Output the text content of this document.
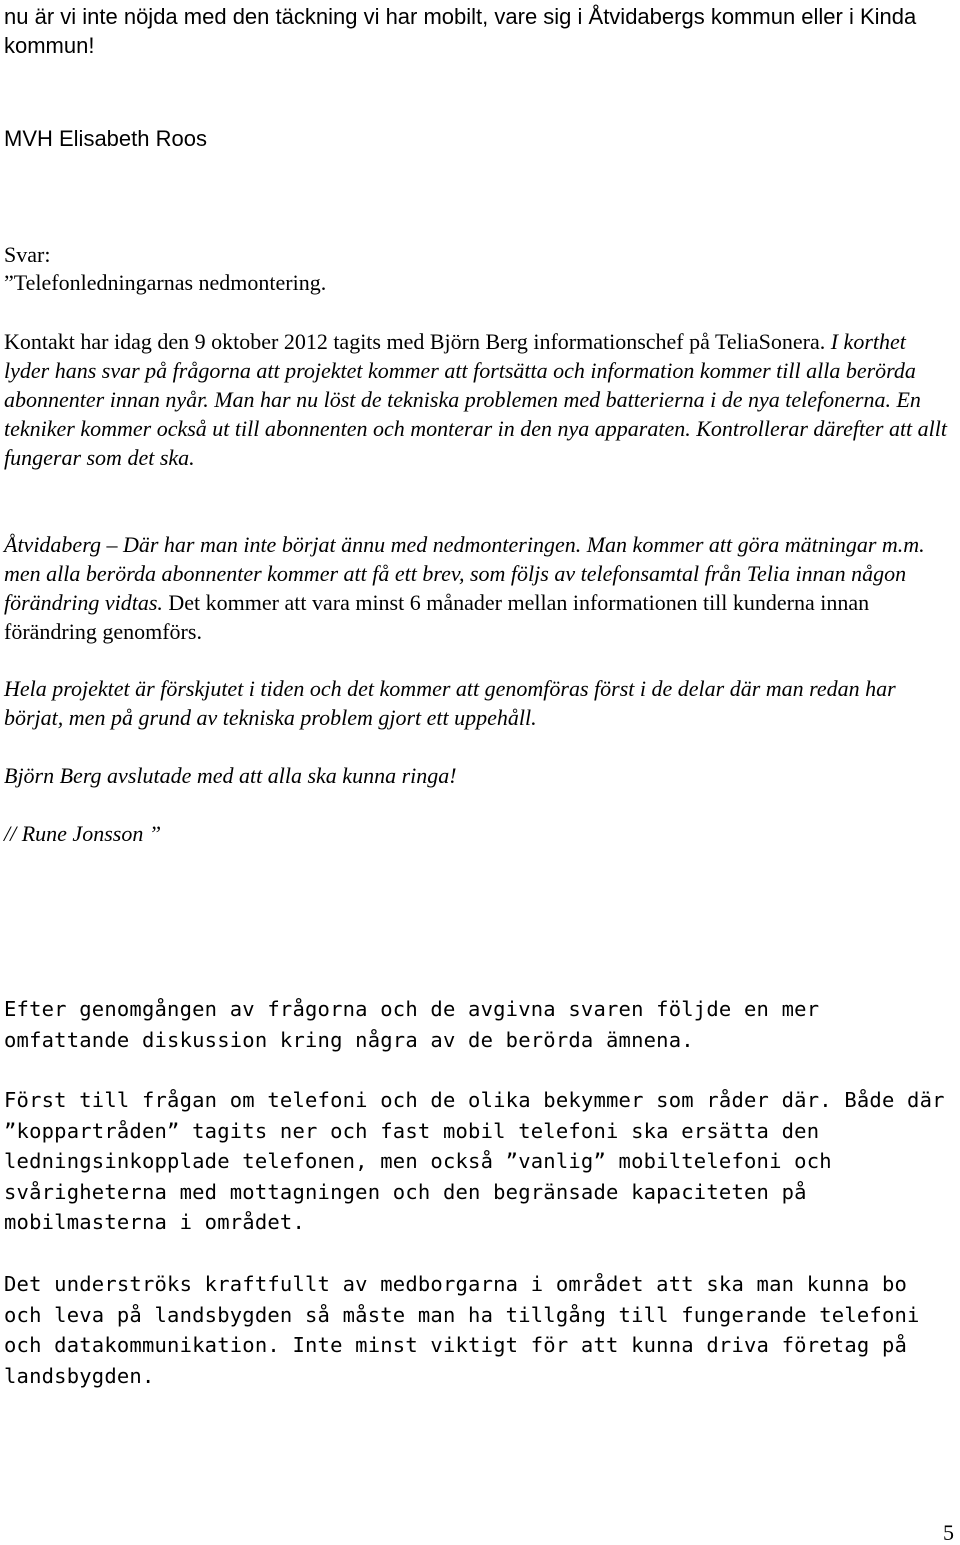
nu är vi inte nöjda med den täckning vi har mobilt, vare sig i Åtvidabergs kommun eller i Kinda kommun!

MVH Elisabeth Roos

Svar:

”Telefonledningarnas nedmontering.

Kontakt har idag den 9 oktober 2012 tagits med Björn Berg informationschef på TeliaSonera. I korthet lyder hans svar på frågorna att projektet kommer att fortsätta och information kommer till alla berörda abonnenter innan nyår. Man har nu löst de tekniska problemen med batterierna i de nya telefonerna. En tekniker kommer också ut till abonnenten och monterar in den nya apparaten. Kontrollerar därefter att allt fungerar som det ska.

Åtvidaberg – Där har man inte börjat ännu med nedmonteringen. Man kommer att göra mätningar m.m. men alla berörda abonnenter kommer att få ett brev, som följs av telefonsamtal från Telia innan någon förändring vidtas. Det kommer att vara minst 6 månader mellan informationen till kunderna innan förändring genomförs.

Hela projektet är förskjutet i tiden och det kommer att genomföras först i de delar där man redan har börjat, men på grund av tekniska problem gjort ett uppehåll.

Björn Berg avslutade med att alla ska kunna ringa!

// Rune Jonsson ”

Efter genomgången av frågorna och de avgivna svaren följde en mer omfattande diskussion kring några av de berörda ämnena.

Först till frågan om telefoni och de olika bekymmer som råder där. Både där ”koppartråden” tagits ner och fast mobil telefoni ska ersätta den ledningsinkopplade telefonen, men också ”vanlig” mobiltelefoni och svårigheterna med mottagningen och den begränsade kapaciteten på mobilmasterna i området.

Det underströks kraftfullt av medborgarna i området att ska man kunna bo och leva på landsbygden så måste man ha tillgång till fungerande telefoni och datakommunikation. Inte minst viktigt för att kunna driva företag på landsbygden.

5
